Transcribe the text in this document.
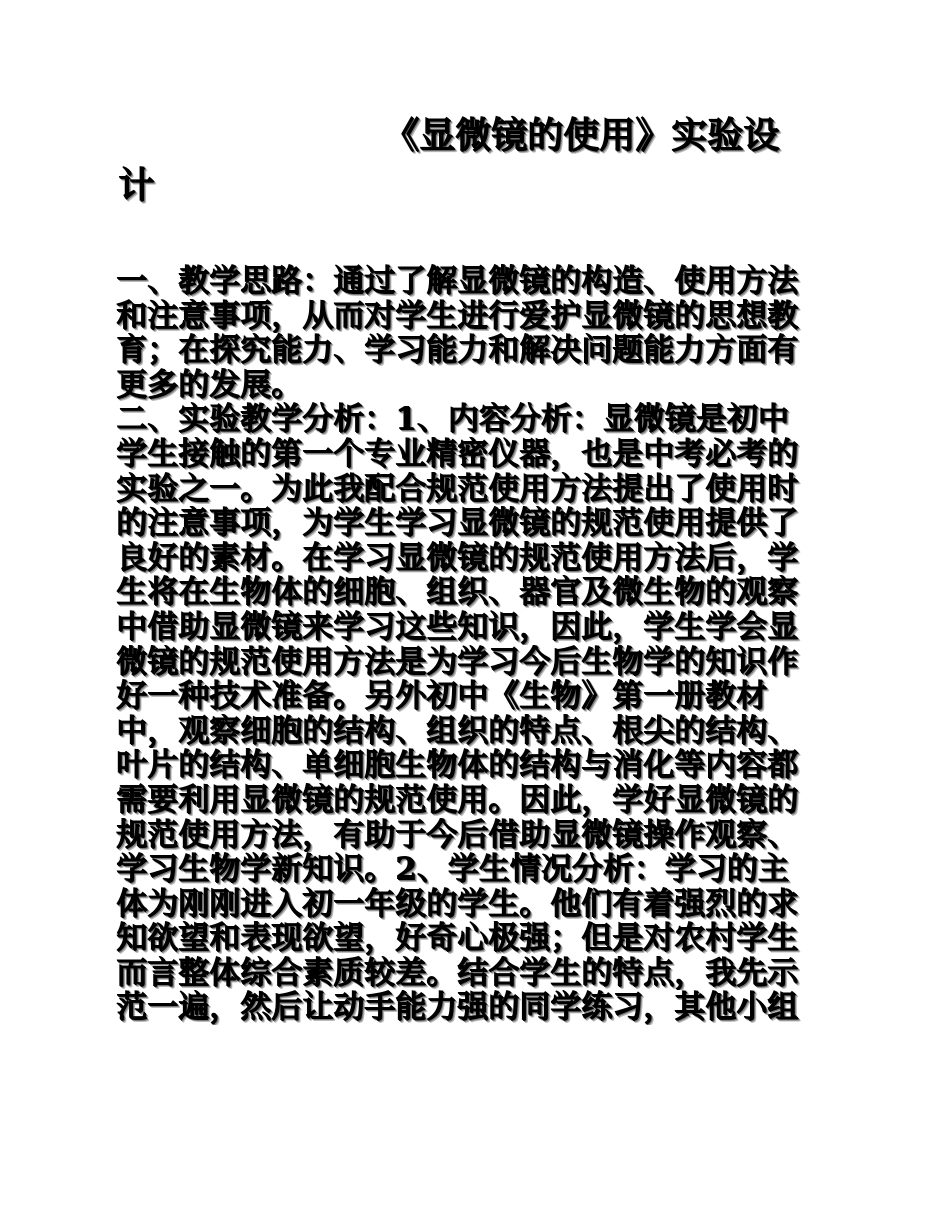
《显微镜的使用》实验设
计
一、教学思路：通过了解显微镜的构造、使用方法
和注意事项，从而对学生进行爱护显微镜的思想教
育；在探究能力、学习能力和解决问题能力方面有
更多的发展。
二、实验教学分析：1、内容分析：显微镜是初中
学生接触的第一个专业精密仪器，也是中考必考的
实验之一。为此我配合规范使用方法提出了使用时
的注意事项，为学生学习显微镜的规范使用提供了
良好的素材。在学习显微镜的规范使用方法后，学
生将在生物体的细胞、组织、器官及微生物的观察
中借助显微镜来学习这些知识，因此，学生学会显
微镜的规范使用方法是为学习今后生物学的知识作
好一种技术准备。另外初中《生物》第一册教材
中，观察细胞的结构、组织的特点、根尖的结构、
叶片的结构、单细胞生物体的结构与消化等内容都
需要利用显微镜的规范使用。因此，学好显微镜的
规范使用方法，有助于今后借助显微镜操作观察、
学习生物学新知识。2、学生情况分析：学习的主
体为刚刚进入初一年级的学生。他们有着强烈的求
知欲望和表现欲望，好奇心极强；但是对农村学生
而言整体综合素质较差。结合学生的特点，我先示
范一遍，然后让动手能力强的同学练习，其他小组
